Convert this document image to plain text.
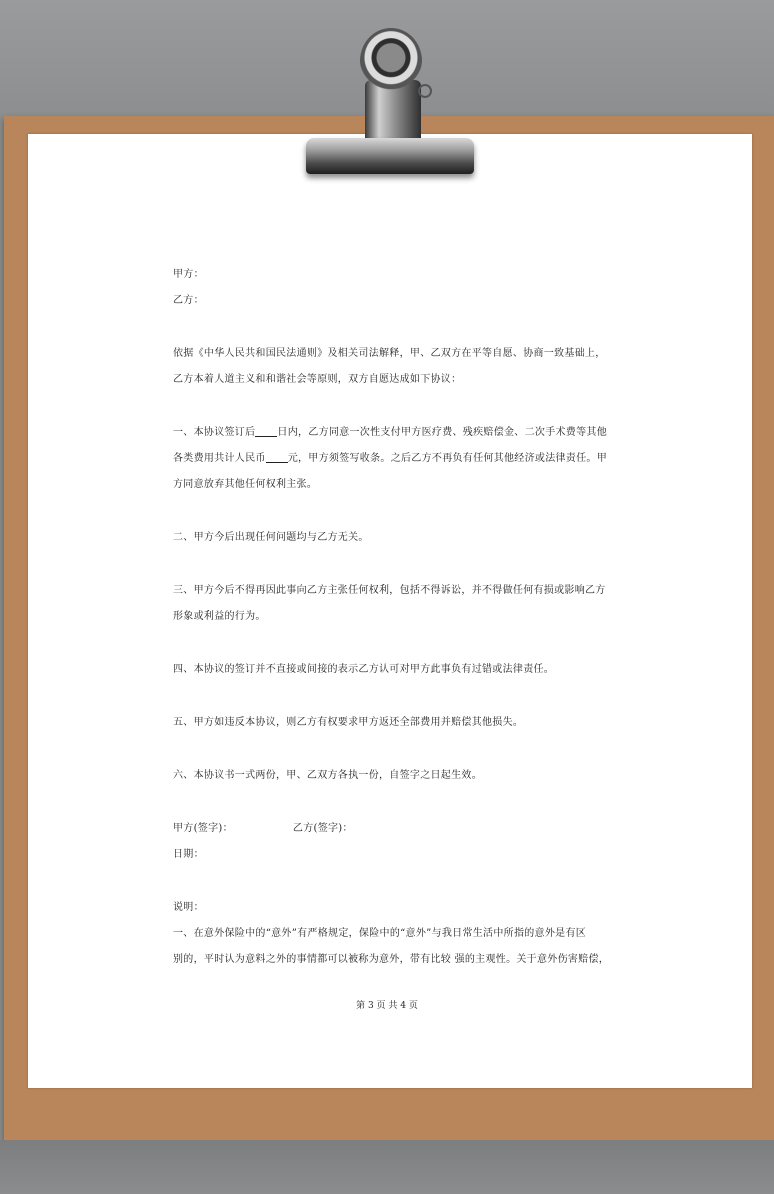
甲方：

乙方：

依据《中华人民共和国民法通则》及相关司法解释，甲、乙双方在平等自愿、协商一致基础上，

乙方本着人道主义和和谐社会等原则，双方自愿达成如下协议：

一、本协议签订后 日内，乙方同意一次性支付甲方医疗费、残疾赔偿金、二次手术费等其他

各类费用共计人民币 元，甲方须签写收条。之后乙方不再负有任何其他经济或法律责任。甲

方同意放弃其他任何权利主张。

二、甲方今后出现任何问题均与乙方无关。

三、甲方今后不得再因此事向乙方主张任何权利，包括不得诉讼，并不得做任何有损或影响乙方

形象或利益的行为。

四、本协议的签订并不直接或间接的表示乙方认可对甲方此事负有过错或法律责任。

五、甲方如违反本协议，则乙方有权要求甲方返还全部费用并赔偿其他损失。

六、本协议书一式两份，甲、乙双方各执一份，自签字之日起生效。

甲方(签字)：	乙方(签字)：

日期：

说明：

一、在意外保险中的“意外”有严格规定，保险中的“意外”与我日常生活中所指的意外是有区

别的，平时认为意料之外的事情都可以被称为意外，带有比较 强的主观性。关于意外伤害赔偿，

第 3 页 共 4 页
